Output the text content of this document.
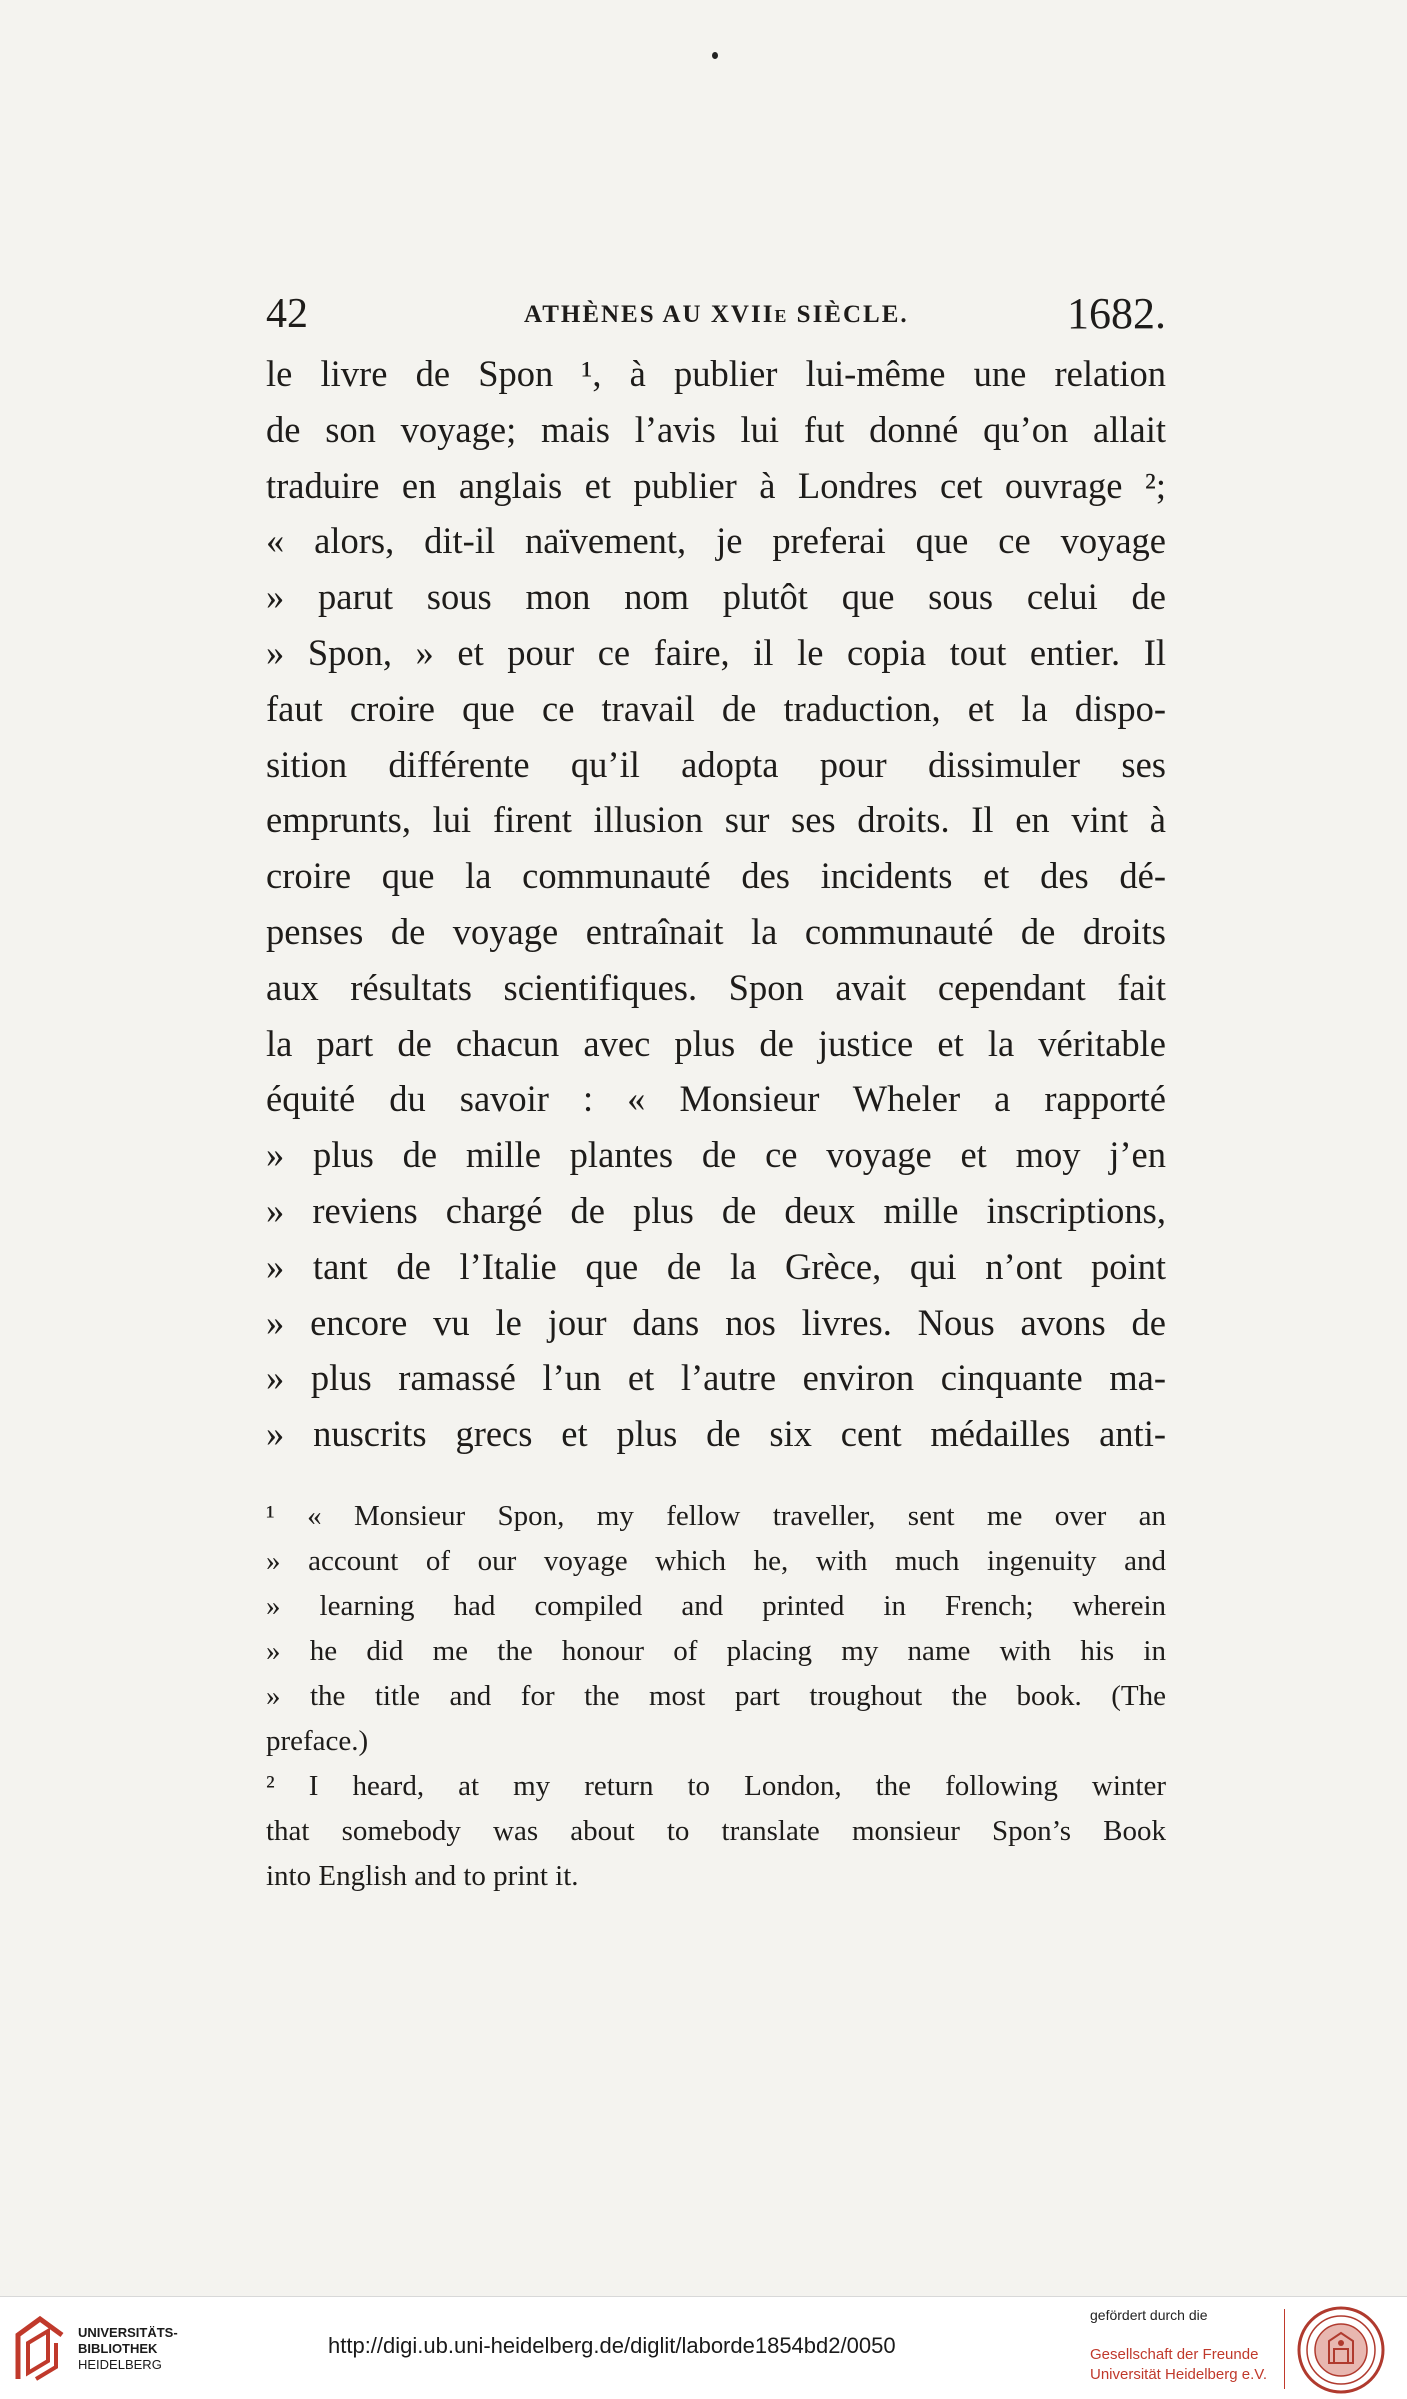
42	ATHÈNES AU XVIIe SIÈCLE.	1682.
le livre de Spon ¹, à publier lui-même une relation
de son voyage; mais l’avis lui fut donné qu’on allait
traduire en anglais et publier à Londres cet ouvrage ²;
« alors, dit-il naïvement, je preferai que ce voyage
» parut sous mon nom plutôt que sous celui de
» Spon, » et pour ce faire, il le copia tout entier. Il
faut croire que ce travail de traduction, et la dispo-
sition différente qu’il adopta pour dissimuler ses
emprunts, lui firent illusion sur ses droits. Il en vint à
croire que la communauté des incidents et des dé-
penses de voyage entraînait la communauté de droits
aux résultats scientifiques. Spon avait cependant fait
la part de chacun avec plus de justice et la véritable
équité du savoir : « Monsieur Wheler a rapporté
» plus de mille plantes de ce voyage et moy j’en
» reviens chargé de plus de deux mille inscriptions,
» tant de l’Italie que de la Grèce, qui n’ont point
» encore vu le jour dans nos livres. Nous avons de
» plus ramassé l’un et l’autre environ cinquante ma-
» nuscrits grecs et plus de six cent médailles anti-
¹ « Monsieur Spon, my fellow traveller, sent me over an
» account of our voyage which he, with much ingenuity and
» learning had compiled and printed in French; wherein
» he did me the honour of placing my name with his in
» the title and for the most part troughout the book. (The
preface.)
² I heard, at my return to London, the following winter
that somebody was about to translate monsieur Spon’s Book
into English and to print it.
UNIVERSITÄTS-
BIBLIOTHEK
HEIDELBERG
http://digi.ub.uni-heidelberg.de/diglit/laborde1854bd2/0050
gefördert durch die
Gesellschaft der Freunde
Universität Heidelberg e.V.
